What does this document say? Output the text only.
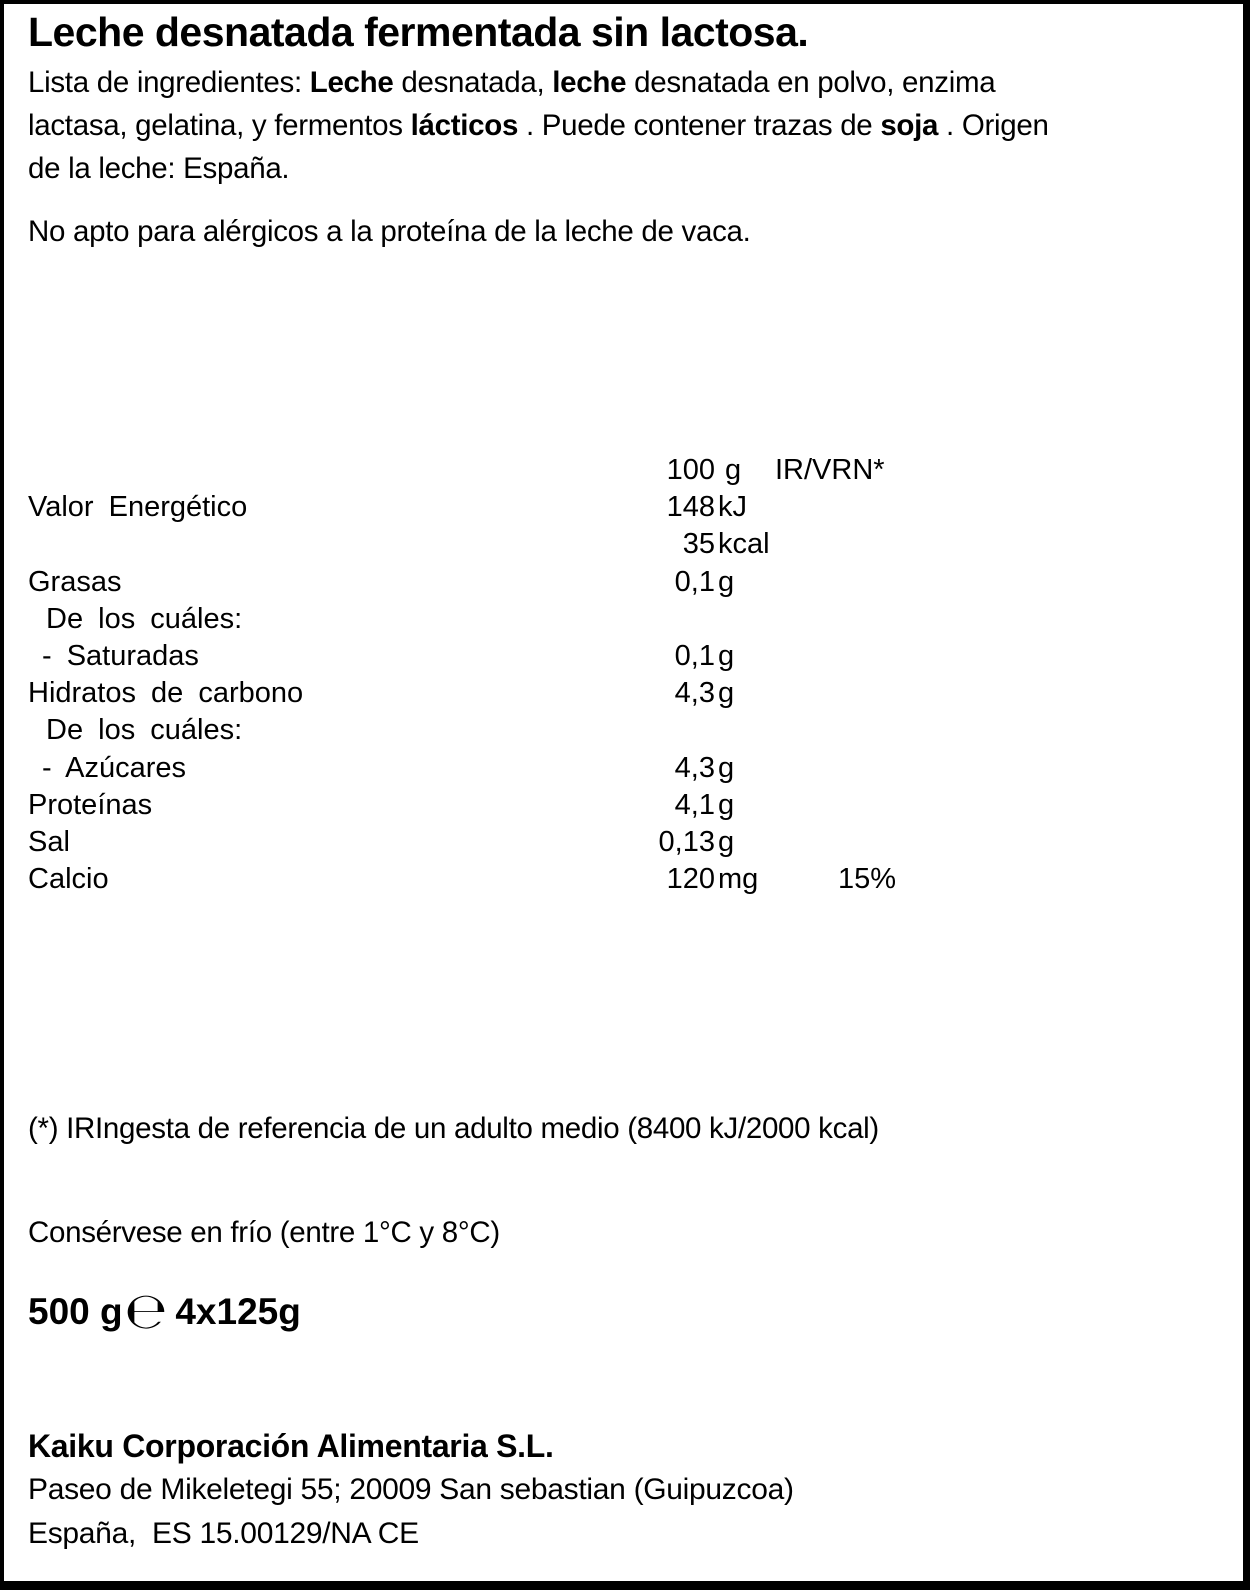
Leche desnatada fermentada sin lactosa.
Lista de ingredientes: Leche desnatada, leche desnatada en polvo, enzima
lactasa, gelatina, y fermentos lácticos . Puede contener trazas de soja . Origen
de la leche: España.
No apto para alérgicos a la proteína de la leche de vaca.
100 g	IR/VRN*
Valor Energético	148 kJ
35 kcal
Grasas	0,1 g
De los cuáles:
- Saturadas	0,1 g
Hidratos de carbono	4,3 g
De los cuáles:
- Azúcares	4,3 g
Proteínas	4,1 g
Sal	0,13 g
Calcio	120 mg	15%
(*) IRIngesta de referencia de un adulto medio (8400 kJ/2000 kcal)
Consérvese en frío (entre 1°C y 8°C)
500 g℮ 4x125g
Kaiku Corporación Alimentaria S.L.
Paseo de Mikeletegi 55; 20009 San sebastian (Guipuzcoa)
España,  ES 15.00129/NA CE
